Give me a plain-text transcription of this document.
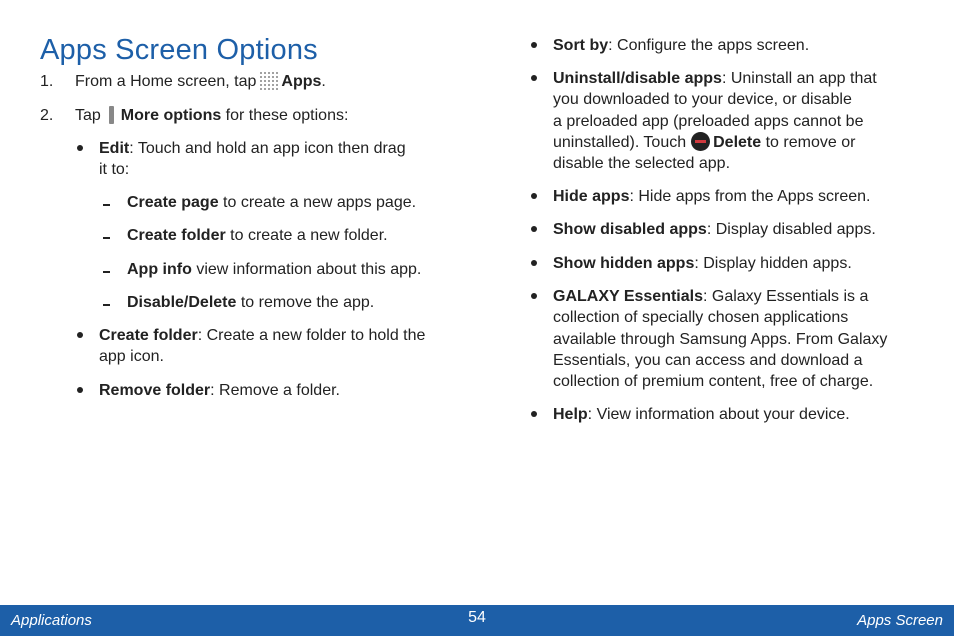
Apps Screen Options
1. From a Home screen, tap Apps.
2. Tap More options for these options:
Edit: Touch and hold an app icon then drag
it to:
Create page to create a new apps page.
Create folder to create a new folder.
App info view information about this app.
Disable/Delete to remove the app.
Create folder: Create a new folder to hold the
app icon.
Remove folder: Remove a folder.
Sort by: Configure the apps screen.
Uninstall/disable apps: Uninstall an app that
you downloaded to your device, or disable
a preloaded app (preloaded apps cannot be
uninstalled). Touch Delete to remove or
disable the selected app.
Hide apps: Hide apps from the Apps screen.
Show disabled apps: Display disabled apps.
Show hidden apps: Display hidden apps.
GALAXY Essentials: Galaxy Essentials is a
collection of specially chosen applications
available through Samsung Apps. From Galaxy
Essentials, you can access and download a
collection of premium content, free of charge.
Help: View information about your device.
Applications	54	Apps Screen
